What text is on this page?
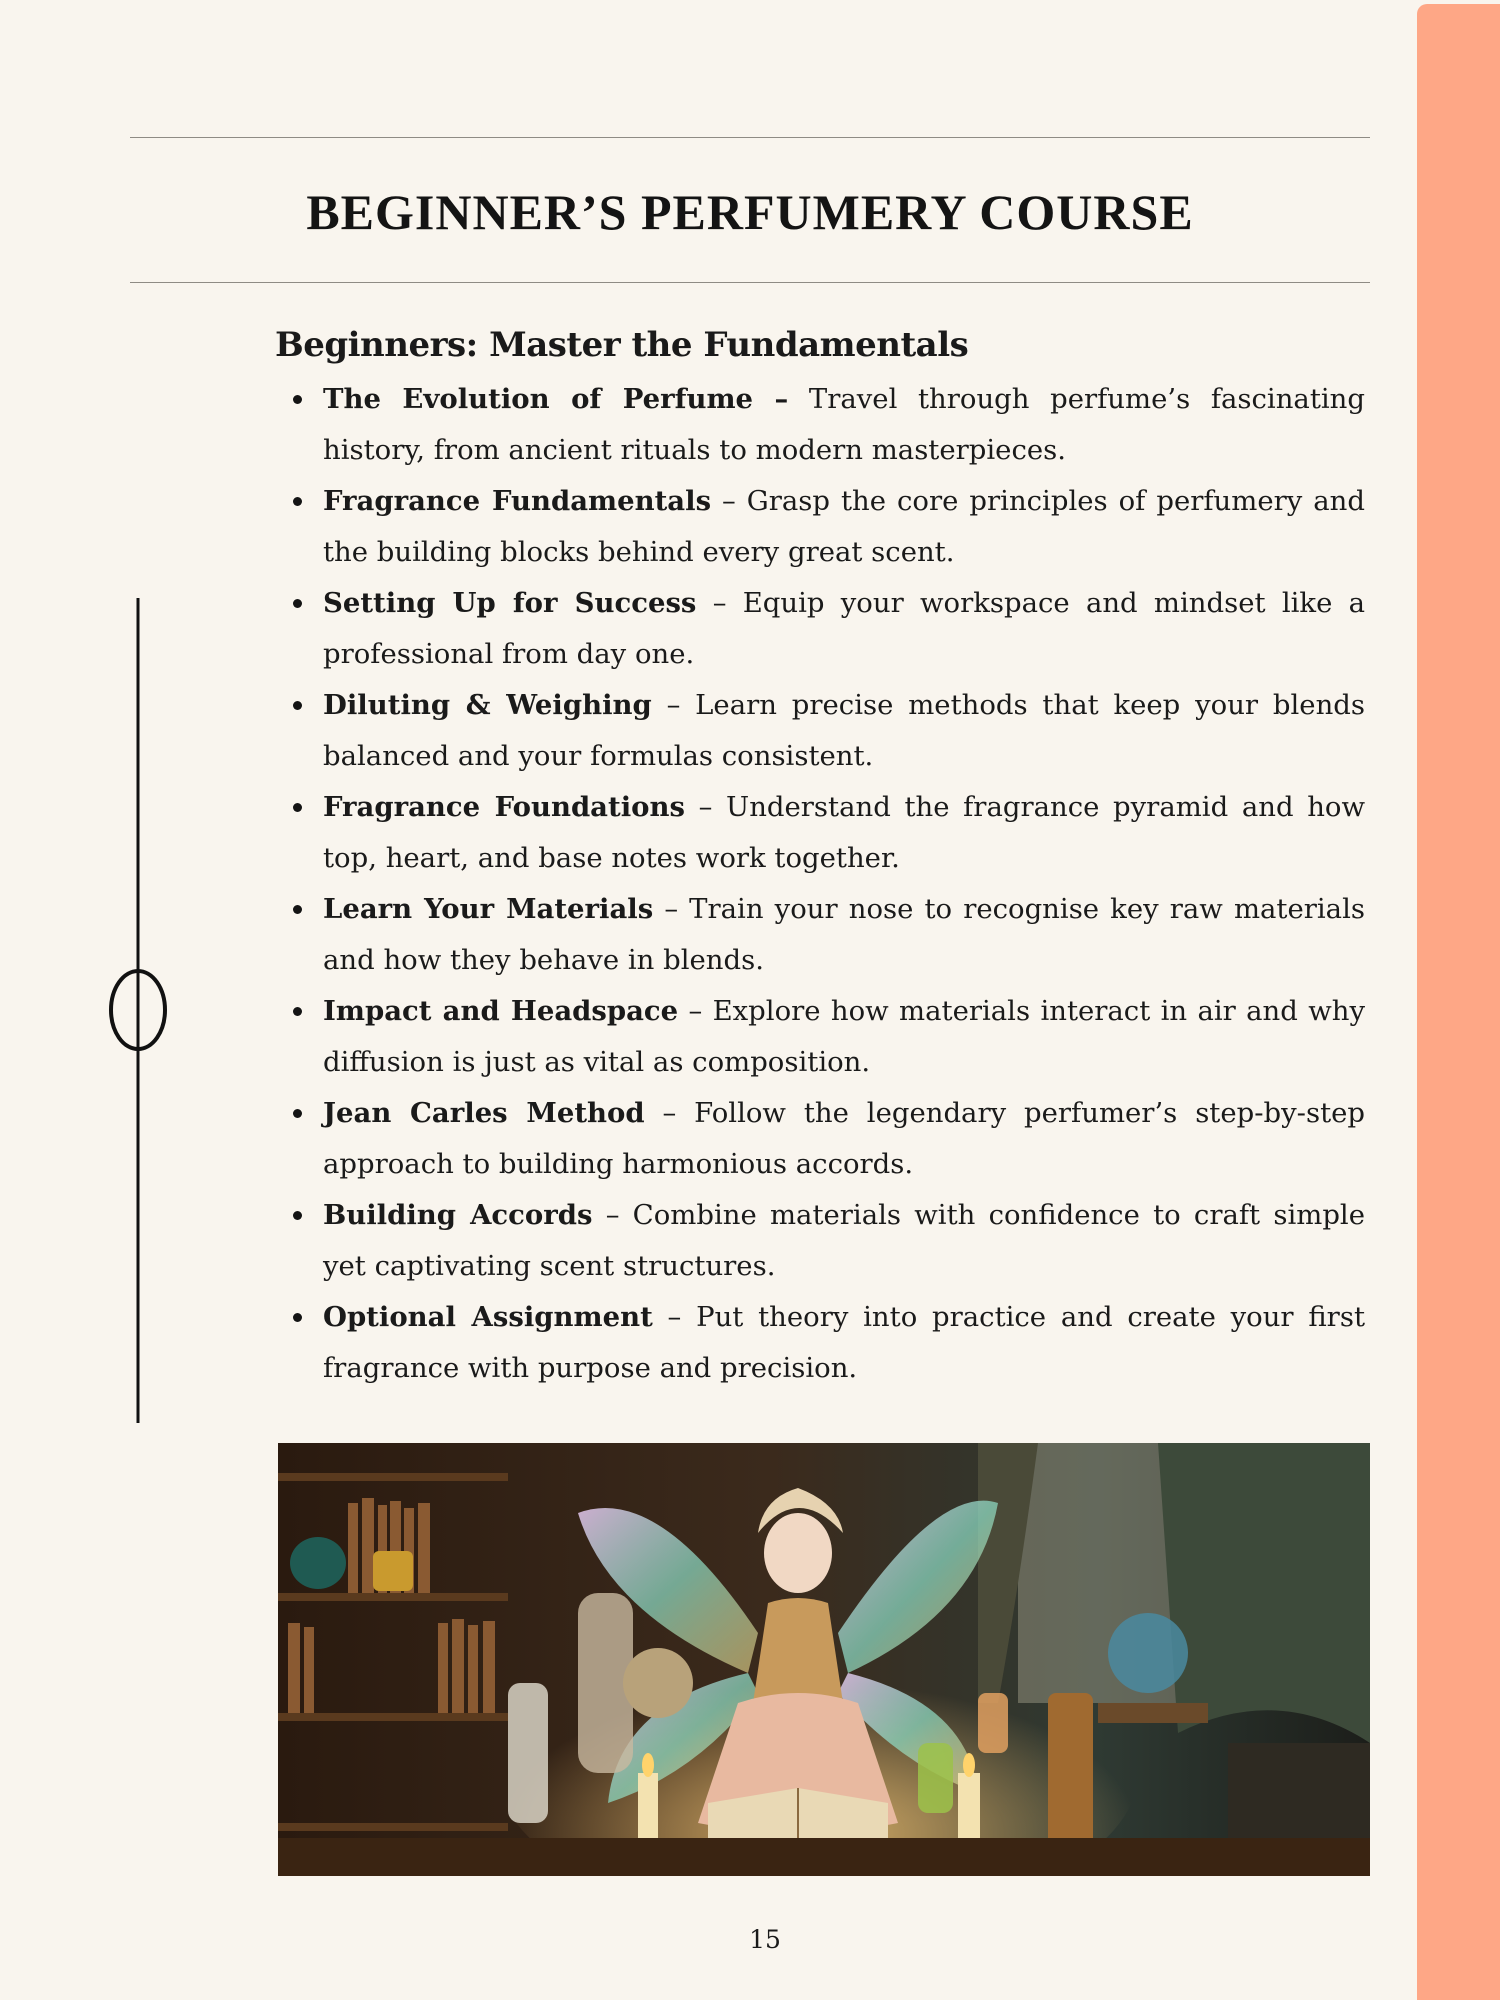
BEGINNER’S PERFUMERY COURSE
Beginners: Master the Fundamentals
The Evolution of Perfume – Travel through perfume’s fascinating history, from ancient rituals to modern masterpieces.
Fragrance Fundamentals – Grasp the core principles of perfumery and the building blocks behind every great scent.
Setting Up for Success – Equip your workspace and mindset like a professional from day one.
Diluting & Weighing – Learn precise methods that keep your blends balanced and your formulas consistent.
Fragrance Foundations – Understand the fragrance pyramid and how top, heart, and base notes work together.
Learn Your Materials – Train your nose to recognise key raw materials and how they behave in blends.
Impact and Headspace – Explore how materials interact in air and why diffusion is just as vital as composition.
Jean Carles Method – Follow the legendary perfumer’s step-by-step approach to building harmonious accords.
Building Accords – Combine materials with confidence to craft simple yet captivating scent structures.
Optional Assignment – Put theory into practice and create your first fragrance with purpose and precision.
15
